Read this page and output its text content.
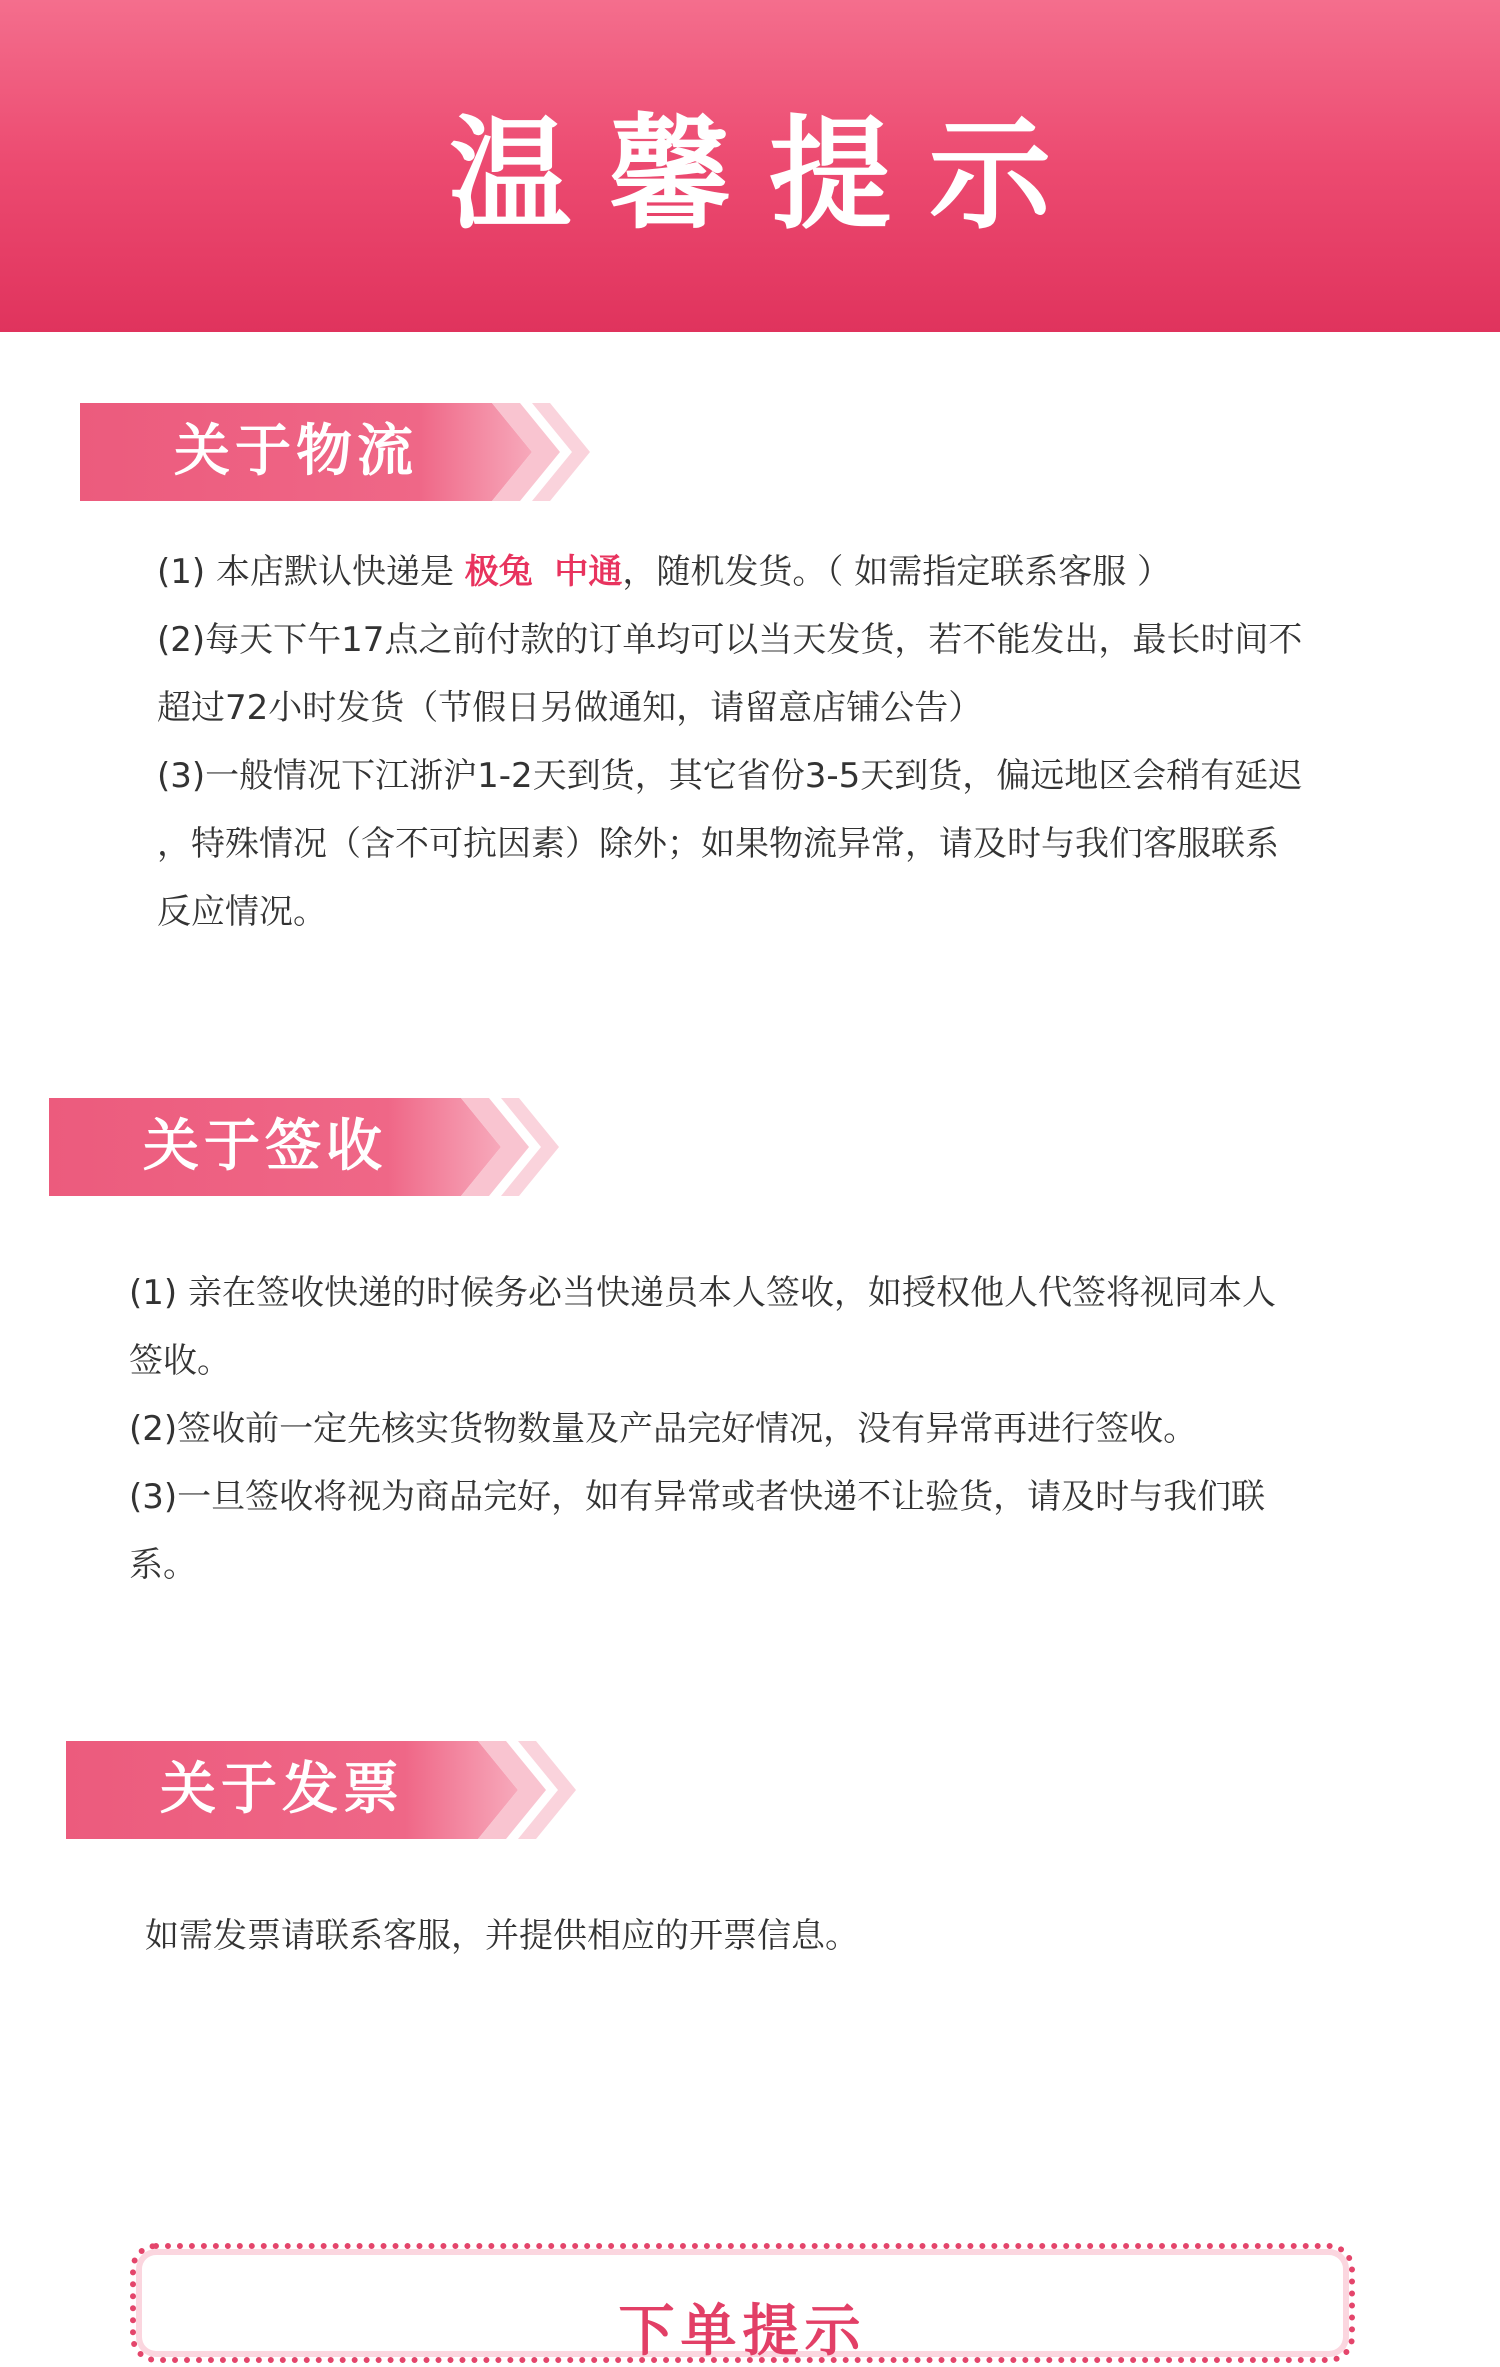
温馨提示
关于物流

(1) 本店默认快递是 极兔 中通，随机发货。（ 如需指定联系客服 ）

(2)每天下午17点之前付款的订单均可以当天发货，若不能发出，最长时间不

超过72小时发货（节假日另做通知，请留意店铺公告）

(3)一般情况下江浙沪1-2天到货，其它省份3-5天到货，偏远地区会稍有延迟

，特殊情况（含不可抗因素）除外；如果物流异常，请及时与我们客服联系

反应情况。

关于签收

(1) 亲在签收快递的时候务必当快递员本人签收，如授权他人代签将视同本人

签收。

(2)签收前一定先核实货物数量及产品完好情况，没有异常再进行签收。

(3)一旦签收将视为商品完好，如有异常或者快递不让验货，请及时与我们联

系。

关于发票

如需发票请联系客服，并提供相应的开票信息。

下单提示
